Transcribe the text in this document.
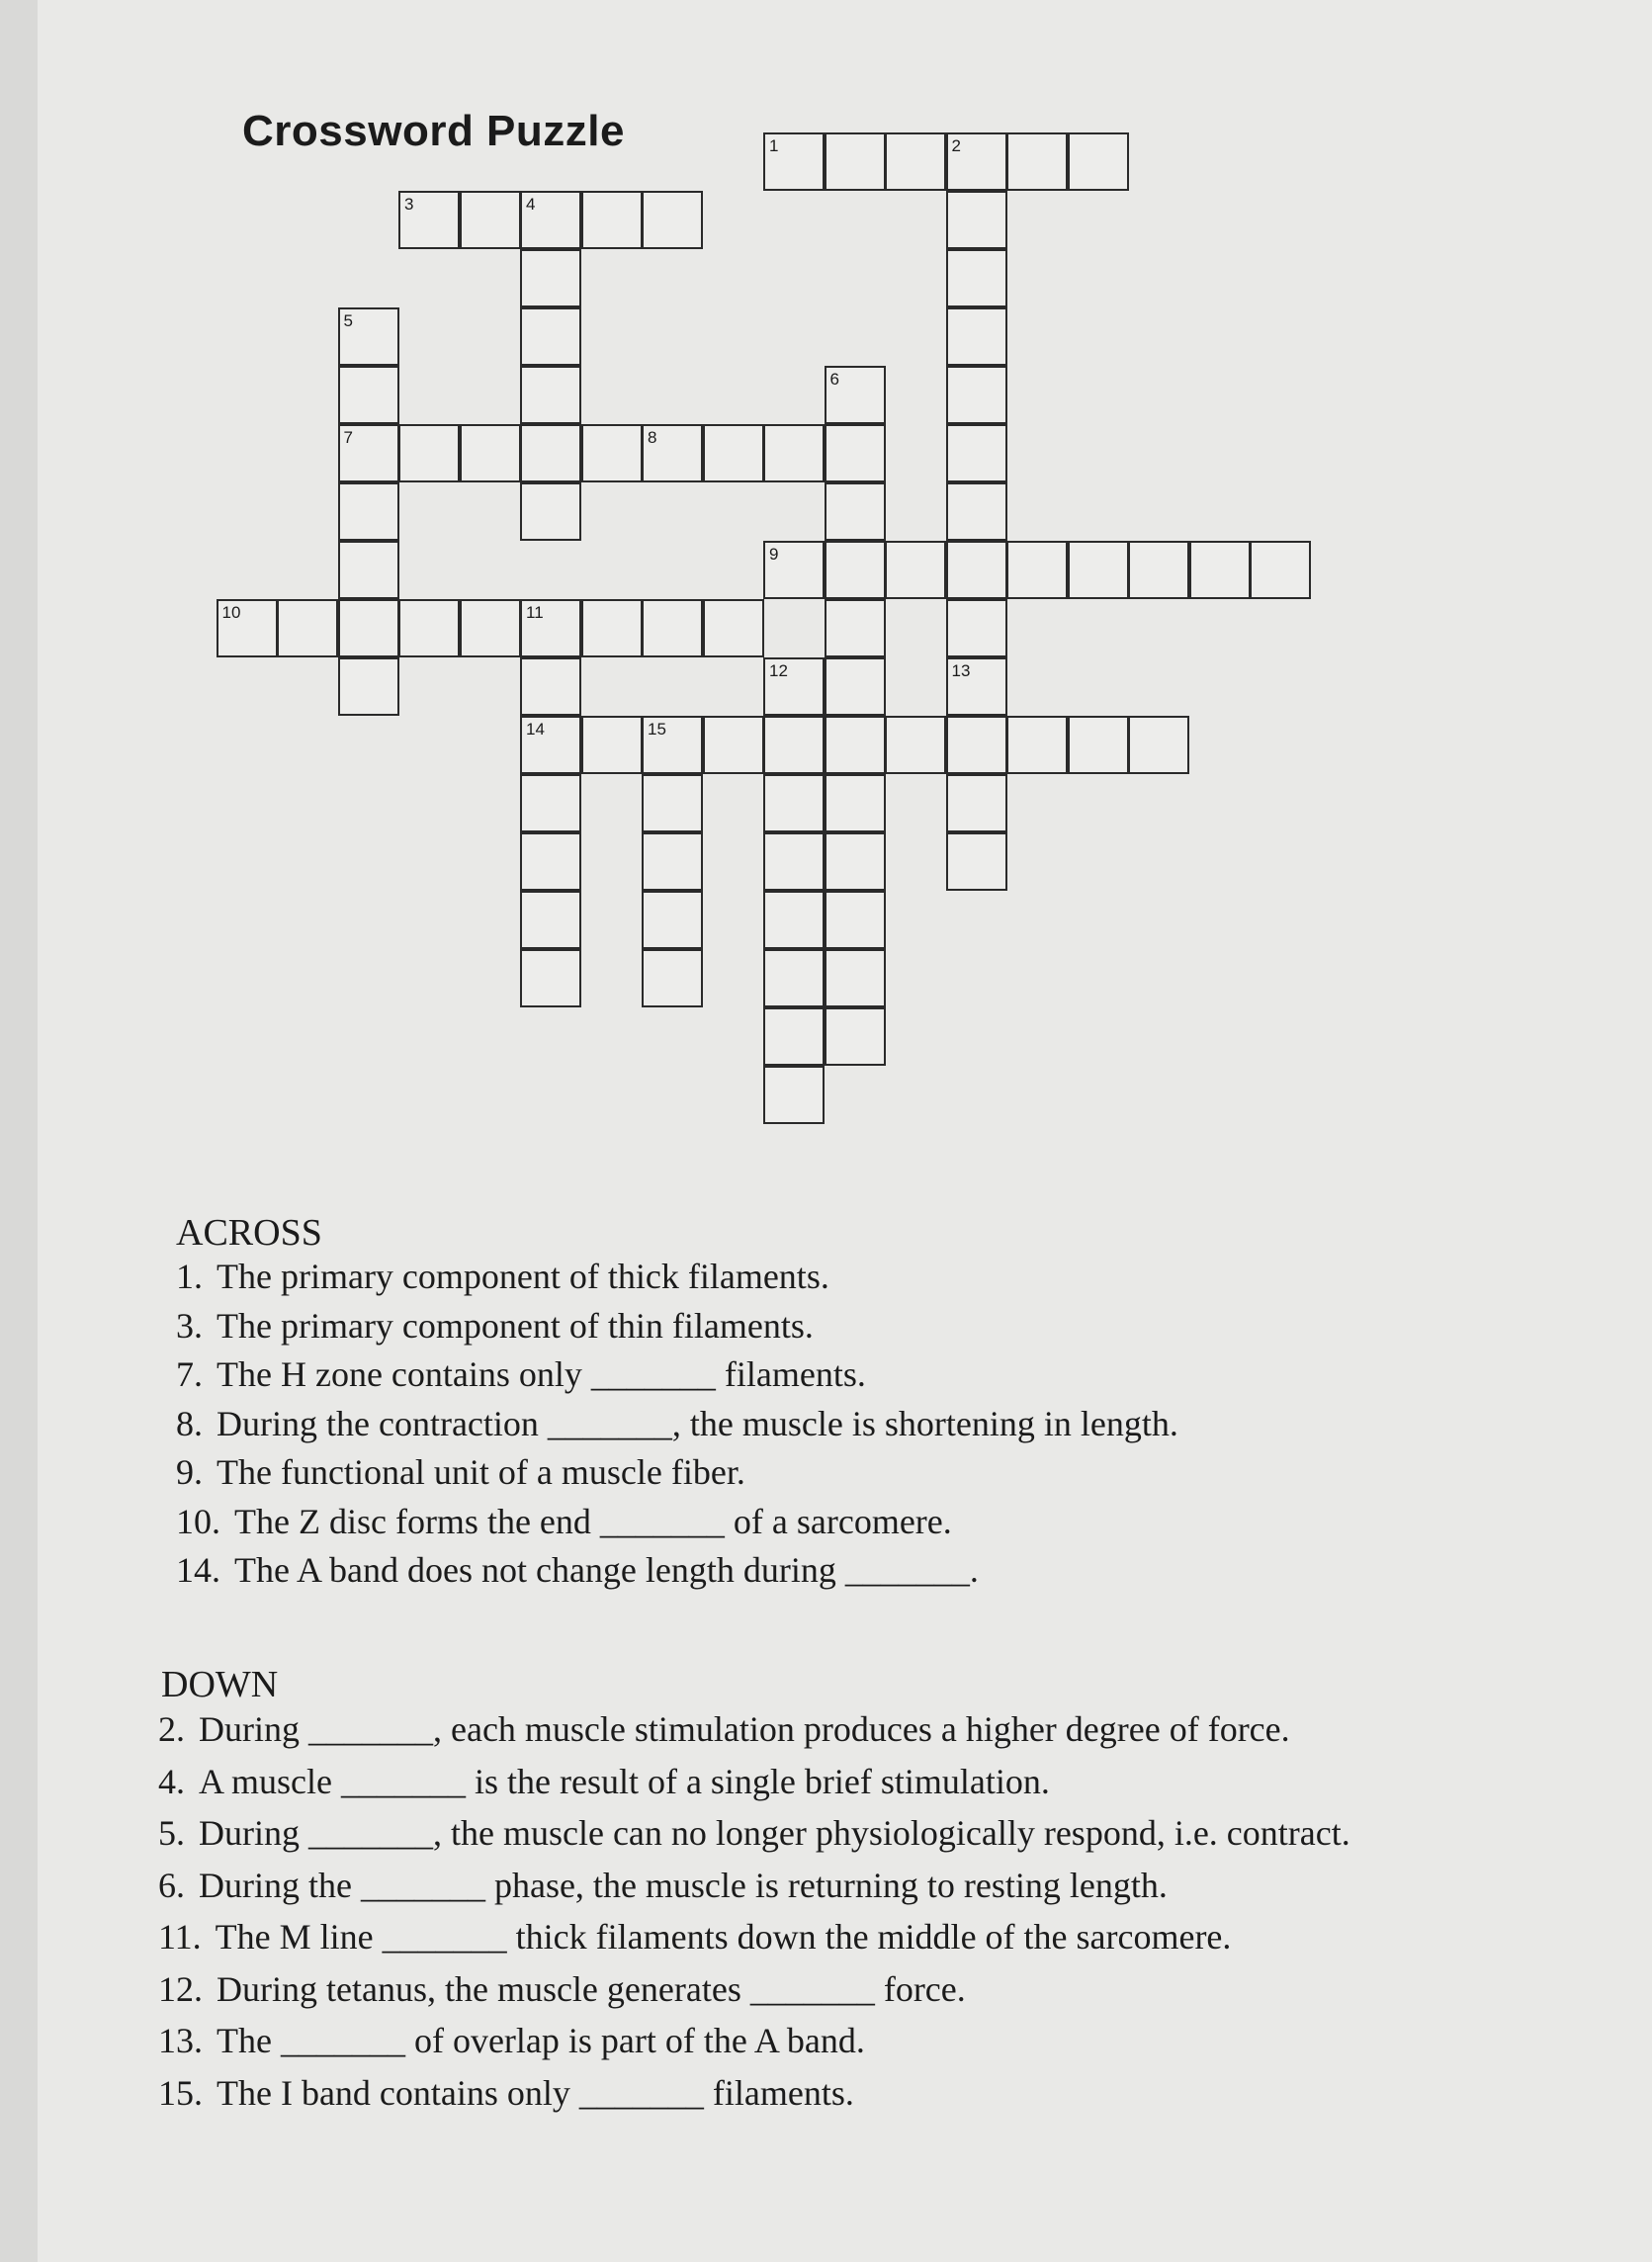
Crossword Puzzle	1	2
3	4
5
7
6
8
9
10	11
14
12	13
15
ACROSS
1. The primary component of thick filaments.
3. The primary component of thin filaments.
7. The H zone contains only _______ filaments.
8. During the contraction _______, the muscle is shortening in length.
9. The functional unit of a muscle fiber.
10. The Z disc forms the end _______ of a sarcomere.
14. The A band does not change length during _______.
DOWN
2. During _______, each muscle stimulation produces a higher degree of force.
4. A muscle _______ is the result of a single brief stimulation.
5. During _______, the muscle can no longer physiologically respond, i.e. contract.
6. During the _______ phase, the muscle is returning to resting length.
11. The M line _______ thick filaments down the middle of the sarcomere.
12. During tetanus, the muscle generates _______ force.
13. The _______ of overlap is part of the A band.
15. The I band contains only _______ filaments.
